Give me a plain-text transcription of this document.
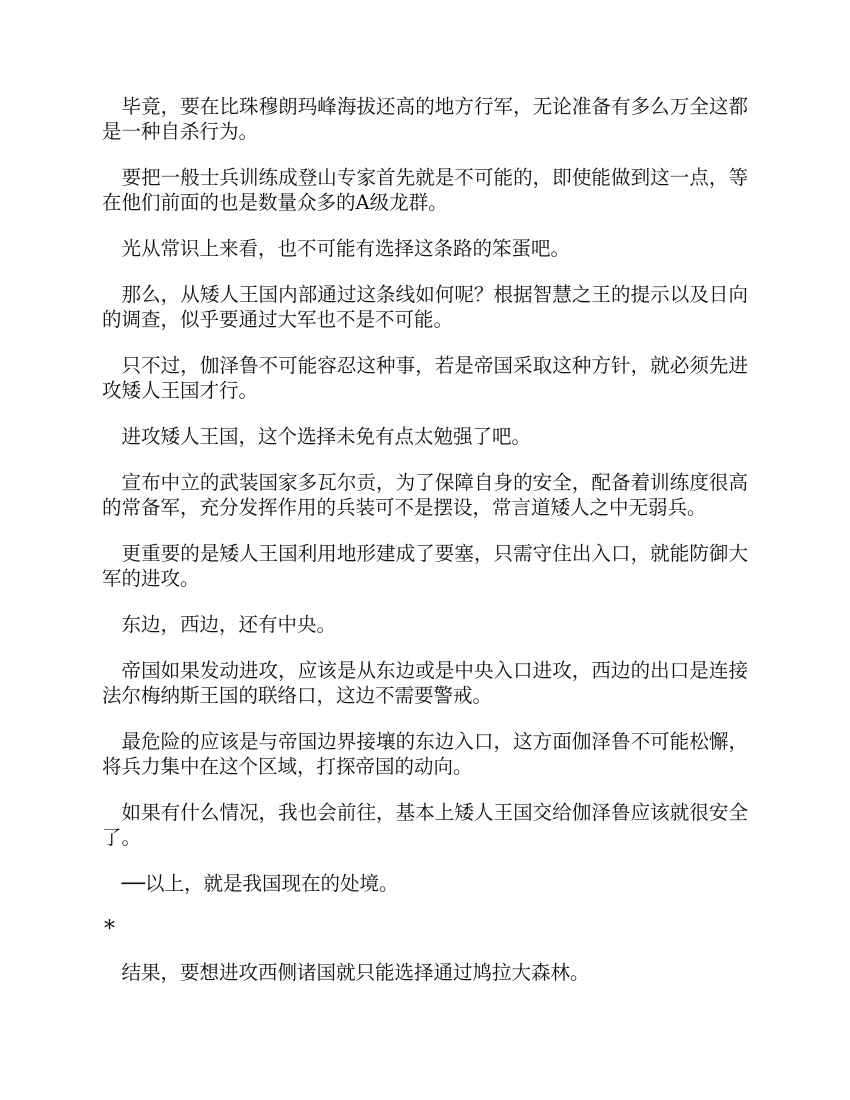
毕竟，要在比珠穆朗玛峰海拔还高的地方行军，无论准备有多么万全这都是一种自杀行为。

要把一般士兵训练成登山专家首先就是不可能的，即使能做到这一点，等在他们前面的也是数量众多的A级龙群。

光从常识上来看，也不可能有选择这条路的笨蛋吧。

那么，从矮人王国内部通过这条线如何呢？根据智慧之王的提示以及日向的调查，似乎要通过大军也不是不可能。

只不过，伽泽鲁不可能容忍这种事，若是帝国采取这种方针，就必须先进攻矮人王国才行。

进攻矮人王国，这个选择未免有点太勉强了吧。

宣布中立的武装国家多瓦尔贡，为了保障自身的安全，配备着训练度很高的常备军，充分发挥作用的兵装可不是摆设，常言道矮人之中无弱兵。

更重要的是矮人王国利用地形建成了要塞，只需守住出入口，就能防御大军的进攻。

东边，西边，还有中央。

帝国如果发动进攻，应该是从东边或是中央入口进攻，西边的出口是连接法尔梅纳斯王国的联络口，这边不需要警戒。

最危险的应该是与帝国边界接壤的东边入口，这方面伽泽鲁不可能松懈，将兵力集中在这个区域，打探帝国的动向。

如果有什么情况，我也会前往，基本上矮人王国交给伽泽鲁应该就很安全了。

──以上，就是我国现在的处境。

*

结果，要想进攻西侧诸国就只能选择通过鸠拉大森林。
